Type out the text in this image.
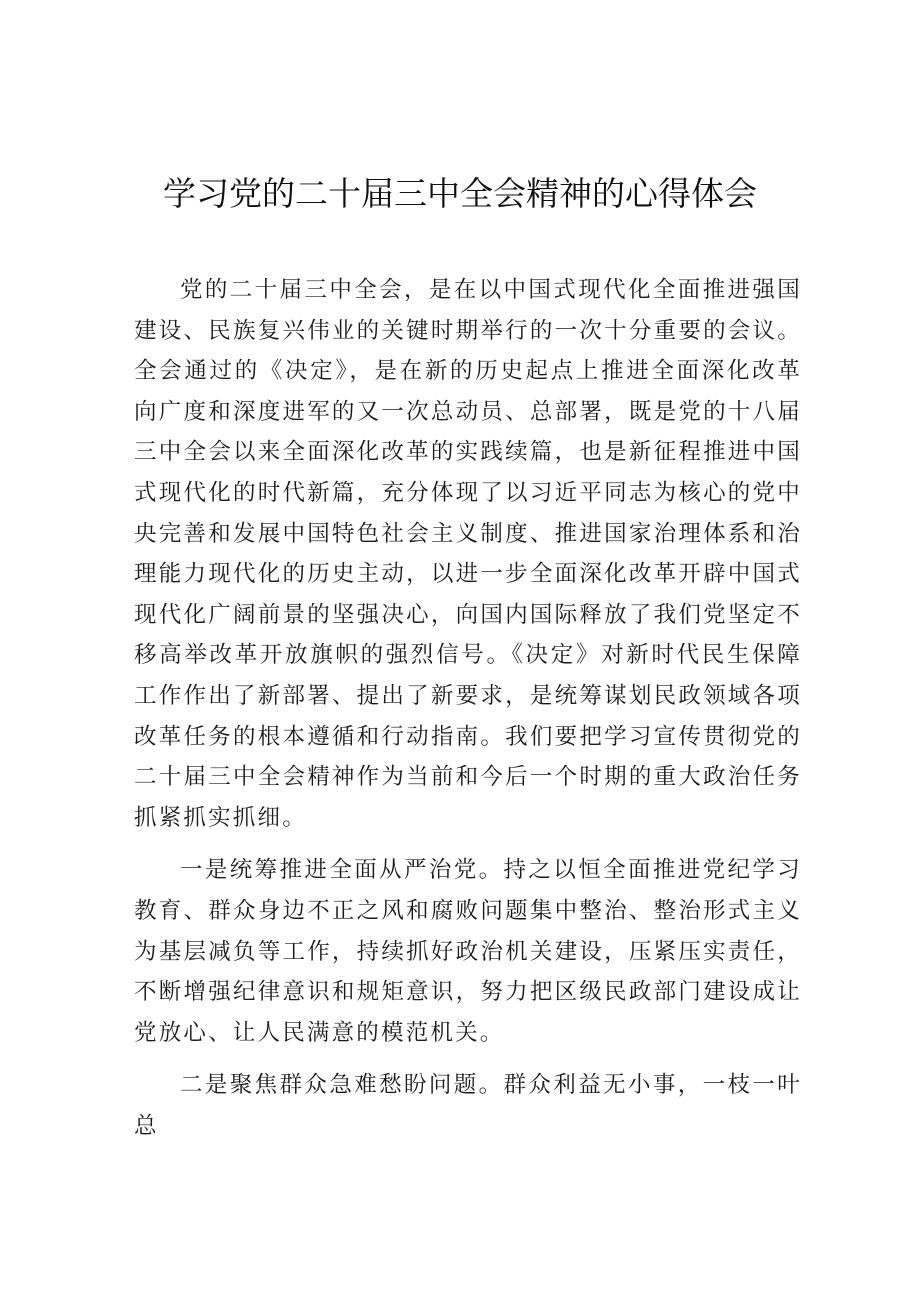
学习党的二十届三中全会精神的心得体会

党的二十届三中全会，是在以中国式现代化全面推进强国建设、民族复兴伟业的关键时期举行的一次十分重要的会议。全会通过的《决定》，是在新的历史起点上推进全面深化改革向广度和深度进军的又一次总动员、总部署，既是党的十八届三中全会以来全面深化改革的实践续篇，也是新征程推进中国式现代化的时代新篇，充分体现了以习近平同志为核心的党中央完善和发展中国特色社会主义制度、推进国家治理体系和治理能力现代化的历史主动，以进一步全面深化改革开辟中国式现代化广阔前景的坚强决心，向国内国际释放了我们党坚定不移高举改革开放旗帜的强烈信号。《决定》对新时代民生保障工作作出了新部署、提出了新要求，是统筹谋划民政领域各项改革任务的根本遵循和行动指南。我们要把学习宣传贯彻党的二十届三中全会精神作为当前和今后一个时期的重大政治任务抓紧抓实抓细。

一是统筹推进全面从严治党。持之以恒全面推进党纪学习教育、群众身边不正之风和腐败问题集中整治、整治形式主义为基层减负等工作，持续抓好政治机关建设，压紧压实责任，不断增强纪律意识和规矩意识，努力把区级民政部门建设成让党放心、让人民满意的模范机关。

二是聚焦群众急难愁盼问题。群众利益无小事，一枝一叶总
